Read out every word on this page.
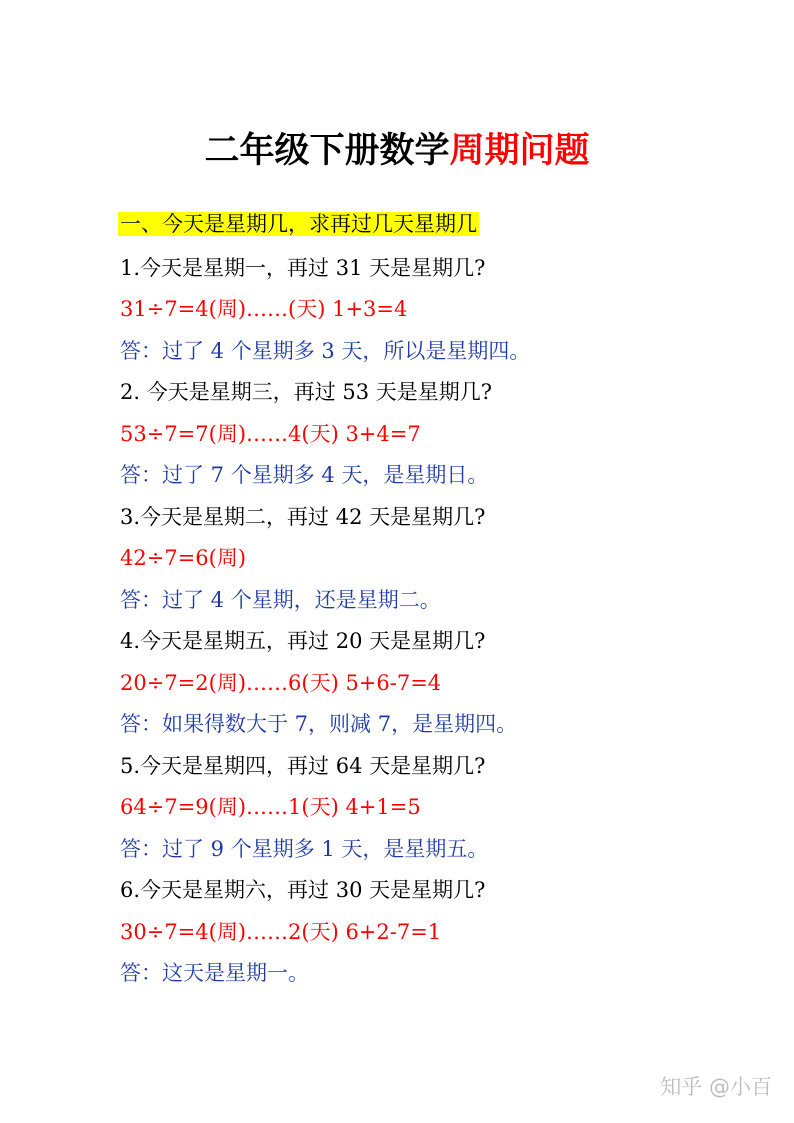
二年级下册数学周期问题
一、今天是星期几，求再过几天星期几
1.今天是星期一，再过 31 天是星期几?
31÷7=4(周)……(天) 1+3=4
答：过了 4 个星期多 3 天，所以是星期四。
2. 今天是星期三，再过 53 天是星期几?
53÷7=7(周)……4(天) 3+4=7
答：过了 7 个星期多 4 天，是星期日。
3.今天是星期二，再过 42 天是星期几?
42÷7=6(周)
答：过了 4 个星期，还是星期二。
4.今天是星期五，再过 20 天是星期几?
20÷7=2(周)……6(天) 5+6-7=4
答：如果得数大于 7，则减 7，是星期四。
5.今天是星期四，再过 64 天是星期几?
64÷7=9(周)……1(天) 4+1=5
答：过了 9 个星期多 1 天，是星期五。
6.今天是星期六，再过 30 天是星期几?
30÷7=4(周)……2(天) 6+2-7=1
答：这天是星期一。
知乎 @小百
